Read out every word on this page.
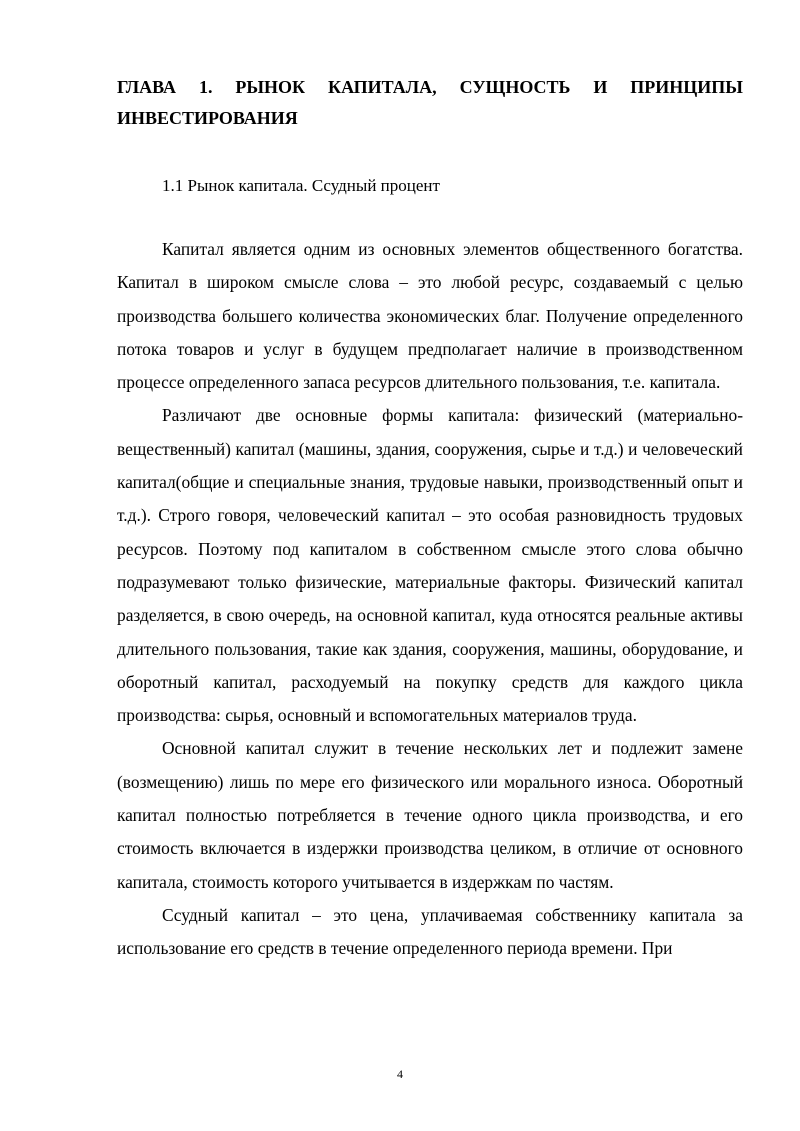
ГЛАВА 1. РЫНОК КАПИТАЛА, СУЩНОСТЬ И ПРИНЦИПЫ
ИНВЕСТИРОВАНИЯ
1.1 Рынок капитала. Ссудный процент

Капитал является одним из основных элементов общественного богатства. Капитал в широком смысле слова – это любой ресурс, создаваемый с целью производства большего количества экономических благ. Получение определенного потока товаров и услуг в будущем предполагает наличие в производственном процессе определенного запаса ресурсов длительного пользования, т.е. капитала.

Различают две основные формы капитала: физический (материально-вещественный) капитал (машины, здания, сооружения, сырье и т.д.) и человеческий капитал(общие и специальные знания, трудовые навыки, производственный опыт и т.д.). Строго говоря, человеческий капитал – это особая разновидность трудовых ресурсов. Поэтому под капиталом в собственном смысле этого слова обычно подразумевают только физические, материальные факторы. Физический капитал разделяется, в свою очередь, на основной капитал, куда относятся реальные активы длительного пользования, такие как здания, сооружения, машины, оборудование, и оборотный капитал, расходуемый на покупку средств для каждого цикла производства: сырья, основный и вспомогательных материалов труда.

Основной капитал служит в течение нескольких лет и подлежит замене (возмещению) лишь по мере его физического или морального износа. Оборотный капитал полностью потребляется в течение одного цикла производства, и его стоимость включается в издержки производства целиком, в отличие от основного капитала, стоимость которого учитывается в издержкам по частям.

Ссудный капитал – это цена, уплачиваемая собственнику капитала за использование его средств в течение определенного периода времени. При

4
